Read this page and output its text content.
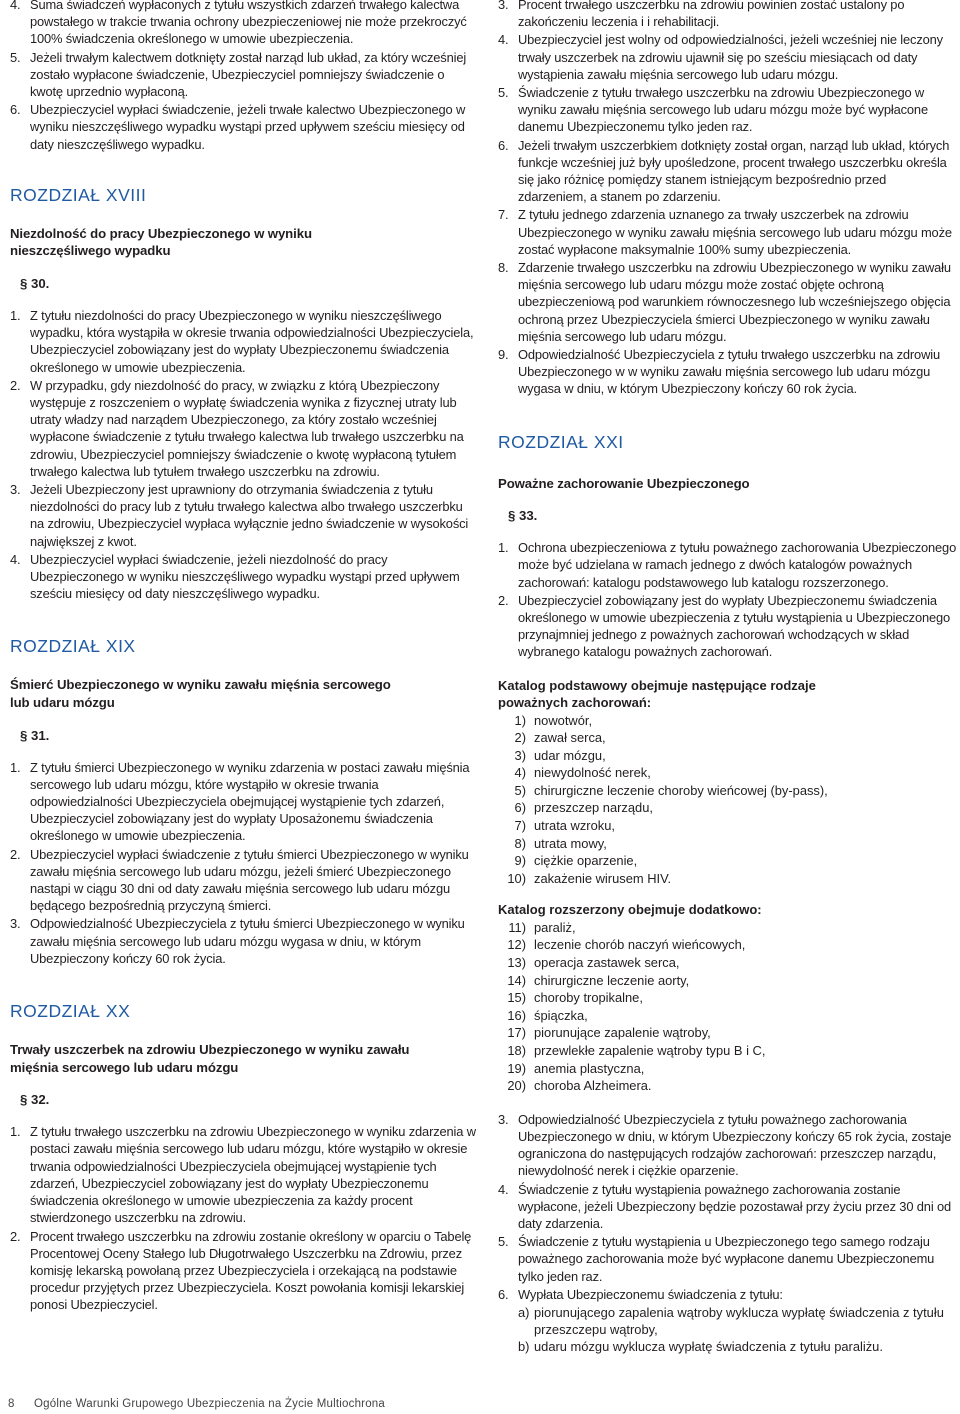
4. Suma świadczeń wypłaconych z tytułu wszystkich zdarzeń trwałego kalectwa powstałego w trakcie trwania ochrony ubezpieczeniowej nie może przekroczyć 100% świadczenia określonego w umowie ubezpieczenia.
5. Jeżeli trwałym kalectwem dotknięty został narząd lub układ, za który wcześniej zostało wypłacone świadczenie, Ubezpieczyciel pomniejszy świadczenie o kwotę uprzednio wypłaconą.
6. Ubezpieczyciel wypłaci świadczenie, jeżeli trwałe kalectwo Ubezpieczonego w wyniku nieszczęśliwego wypadku wystąpi przed upływem sześciu miesięcy od daty nieszczęśliwego wypadku.
ROZDZIAŁ XVIII

Niezdolność do pracy Ubezpieczonego w wyniku
nieszczęśliwego wypadku

§ 30.

1. Z tytułu niezdolności do pracy Ubezpieczonego w wyniku nieszczęśliwego wypadku, która wystąpiła w okresie trwania odpowiedzialności Ubezpieczyciela, Ubezpieczyciel zobowiązany jest do wypłaty Ubezpieczonemu świadczenia określonego w umowie ubezpieczenia.
2. W przypadku, gdy niezdolność do pracy, w związku z którą Ubezpieczony występuje z roszczeniem o wypłatę świadczenia wynika z fizycznej utraty lub utraty władzy nad narządem Ubezpieczonego, za który zostało wcześniej wypłacone świadczenie z tytułu trwałego kalectwa lub trwałego uszczerbku na zdrowiu, Ubezpieczyciel pomniejszy świadczenie o kwotę wypłaconą tytułem trwałego kalectwa lub tytułem trwałego uszczerbku na zdrowiu.
3. Jeżeli Ubezpieczony jest uprawniony do otrzymania świadczenia z tytułu niezdolności do pracy lub z tytułu trwałego kalectwa albo trwałego uszczerbku na zdrowiu, Ubezpieczyciel wypłaca wyłącznie jedno świadczenie w wysokości największej z kwot.
4. Ubezpieczyciel wypłaci świadczenie, jeżeli niezdolność do pracy Ubezpieczonego w wyniku nieszczęśliwego wypadku wystąpi przed upływem sześciu miesięcy od daty nieszczęśliwego wypadku.
ROZDZIAŁ XIX

Śmierć Ubezpieczonego w wyniku zawału mięśnia sercowego
lub udaru mózgu

§ 31.

1. Z tytułu śmierci Ubezpieczonego w wyniku zdarzenia w postaci zawału mięśnia sercowego lub udaru mózgu, które wystąpiło w okresie trwania odpowiedzialności Ubezpieczyciela obejmującej wystąpienie tych zdarzeń, Ubezpieczyciel zobowiązany jest do wypłaty Uposażonemu świadczenia określonego w umowie ubezpieczenia.
2. Ubezpieczyciel wypłaci świadczenie z tytułu śmierci Ubezpieczonego w wyniku zawału mięśnia sercowego lub udaru mózgu, jeżeli śmierć Ubezpieczonego nastąpi w ciągu 30 dni od daty zawału mięśnia sercowego lub udaru mózgu będącego bezpośrednią przyczyną śmierci.
3. Odpowiedzialność Ubezpieczyciela z tytułu śmierci Ubezpieczonego w wyniku zawału mięśnia sercowego lub udaru mózgu wygasa w dniu, w którym Ubezpieczony kończy 60 rok życia.
ROZDZIAŁ XX

Trwały uszczerbek na zdrowiu Ubezpieczonego w wyniku zawału
mięśnia sercowego lub udaru mózgu

§ 32.

1. Z tytułu trwałego uszczerbku na zdrowiu Ubezpieczonego w wyniku zdarzenia w postaci zawału mięśnia sercowego lub udaru mózgu, które wystąpiło w okresie trwania odpowiedzialności Ubezpieczyciela obejmującej wystąpienie tych zdarzeń, Ubezpieczyciel zobowiązany jest do wypłaty Ubezpieczonemu świadczenia określonego w umowie ubezpieczenia za każdy procent stwierdzonego uszczerbku na zdrowiu.
2. Procent trwałego uszczerbku na zdrowiu zostanie określony w oparciu o Tabelę Procentowej Oceny Stałego lub Długotrwałego Uszczerbku na Zdrowiu, przez komisję lekarską powołaną przez Ubezpieczyciela i orzekającą na podstawie procedur przyjętych przez Ubezpieczyciela. Koszt powołania komisji lekarskiej ponosi Ubezpieczyciel.
3. Procent trwałego uszczerbku na zdrowiu powinien zostać ustalony po zakończeniu leczenia i i rehabilitacji.
4. Ubezpieczyciel jest wolny od odpowiedzialności, jeżeli wcześniej nie leczony trwały uszczerbek na zdrowiu ujawnił się po sześciu miesiącach od daty wystąpienia zawału mięśnia sercowego lub udaru mózgu.
5. Świadczenie z tytułu trwałego uszczerbku na zdrowiu Ubezpieczonego w wyniku zawału mięśnia sercowego lub udaru mózgu może być wypłacone danemu Ubezpieczonemu tylko jeden raz.
6. Jeżeli trwałym uszczerbkiem dotknięty został organ, narząd lub układ, których funkcje wcześniej już były upośledzone, procent trwałego uszczerbku określa się jako różnicę pomiędzy stanem istniejącym bezpośrednio przed zdarzeniem, a stanem po zdarzeniu.
7. Z tytułu jednego zdarzenia uznanego za trwały uszczerbek na zdrowiu Ubezpieczonego w wyniku zawału mięśnia sercowego lub udaru mózgu może zostać wypłacone maksymalnie 100% sumy ubezpieczenia.
8. Zdarzenie trwałego uszczerbku na zdrowiu Ubezpieczonego w wyniku zawału mięśnia sercowego lub udaru mózgu może zostać objęte ochroną ubezpieczeniową pod warunkiem równoczesnego lub wcześniejszego objęcia ochroną przez Ubezpieczyciela śmierci Ubezpieczonego w wyniku zawału mięśnia sercowego lub udaru mózgu.
9. Odpowiedzialność Ubezpieczyciela z tytułu trwałego uszczerbku na zdrowiu Ubezpieczonego w w wyniku zawału mięśnia sercowego lub udaru mózgu wygasa w dniu, w którym Ubezpieczony kończy 60 rok życia.
ROZDZIAŁ XXI

Poważne zachorowanie Ubezpieczonego

§ 33.

1. Ochrona ubezpieczeniowa z tytułu poważnego zachorowania Ubezpieczonego może być udzielana w ramach jednego z dwóch katalogów poważnych zachorowań: katalogu podstawowego lub katalogu rozszerzonego.
2. Ubezpieczyciel zobowiązany jest do wypłaty Ubezpieczonemu świadczenia określonego w umowie ubezpieczenia z tytułu wystąpienia u Ubezpieczonego przynajmniej jednego z poważnych zachorowań wchodzących w skład wybranego katalogu poważnych zachorowań.

Katalog podstawowy obejmuje następujące rodzaje
poważnych zachorowań:

1) nowotwór,
2) zawał serca,
3) udar mózgu,
4) niewydolność nerek,
5) chirurgiczne leczenie choroby wieńcowej (by-pass),
6) przeszczep narządu,
7) utrata wzroku,
8) utrata mowy,
9) ciężkie oparzenie,
10) zakażenie wirusem HIV.

Katalog rozszerzony obejmuje dodatkowo:

11) paraliż,
12) leczenie chorób naczyń wieńcowych,
13) operacja zastawek serca,
14) chirurgiczne leczenie aorty,
15) choroby tropikalne,
16) śpiączka,
17) piorunujące zapalenie wątroby,
18) przewlekłe zapalenie wątroby typu B i C,
19) anemia plastyczna,
20) choroba Alzheimera.
3. Odpowiedzialność Ubezpieczyciela z tytułu poważnego zachorowania Ubezpieczonego w dniu, w którym Ubezpieczony kończy 65 rok życia, zostaje ograniczona do następujących rodzajów zachorowań: przeszczep narządu, niewydolność nerek i ciężkie oparzenie.
4. Świadczenie z tytułu wystąpienia poważnego zachorowania zostanie wypłacone, jeżeli Ubezpieczony będzie pozostawał przy życiu przez 30 dni od daty zdarzenia.
5. Świadczenie z tytułu wystąpienia u Ubezpieczonego tego samego rodzaju poważnego zachorowania może być wypłacone danemu Ubezpieczonemu tylko jeden raz.
6. Wypłata Ubezpieczonemu świadczenia z tytułu:
a) piorunującego zapalenia wątroby wyklucza wypłatę świadczenia z tytułu przeszczepu wątroby,
b) udaru mózgu wyklucza wypłatę świadczenia z tytułu paraliżu.
8 Ogólne Warunki Grupowego Ubezpieczenia na Życie Multiochrona
